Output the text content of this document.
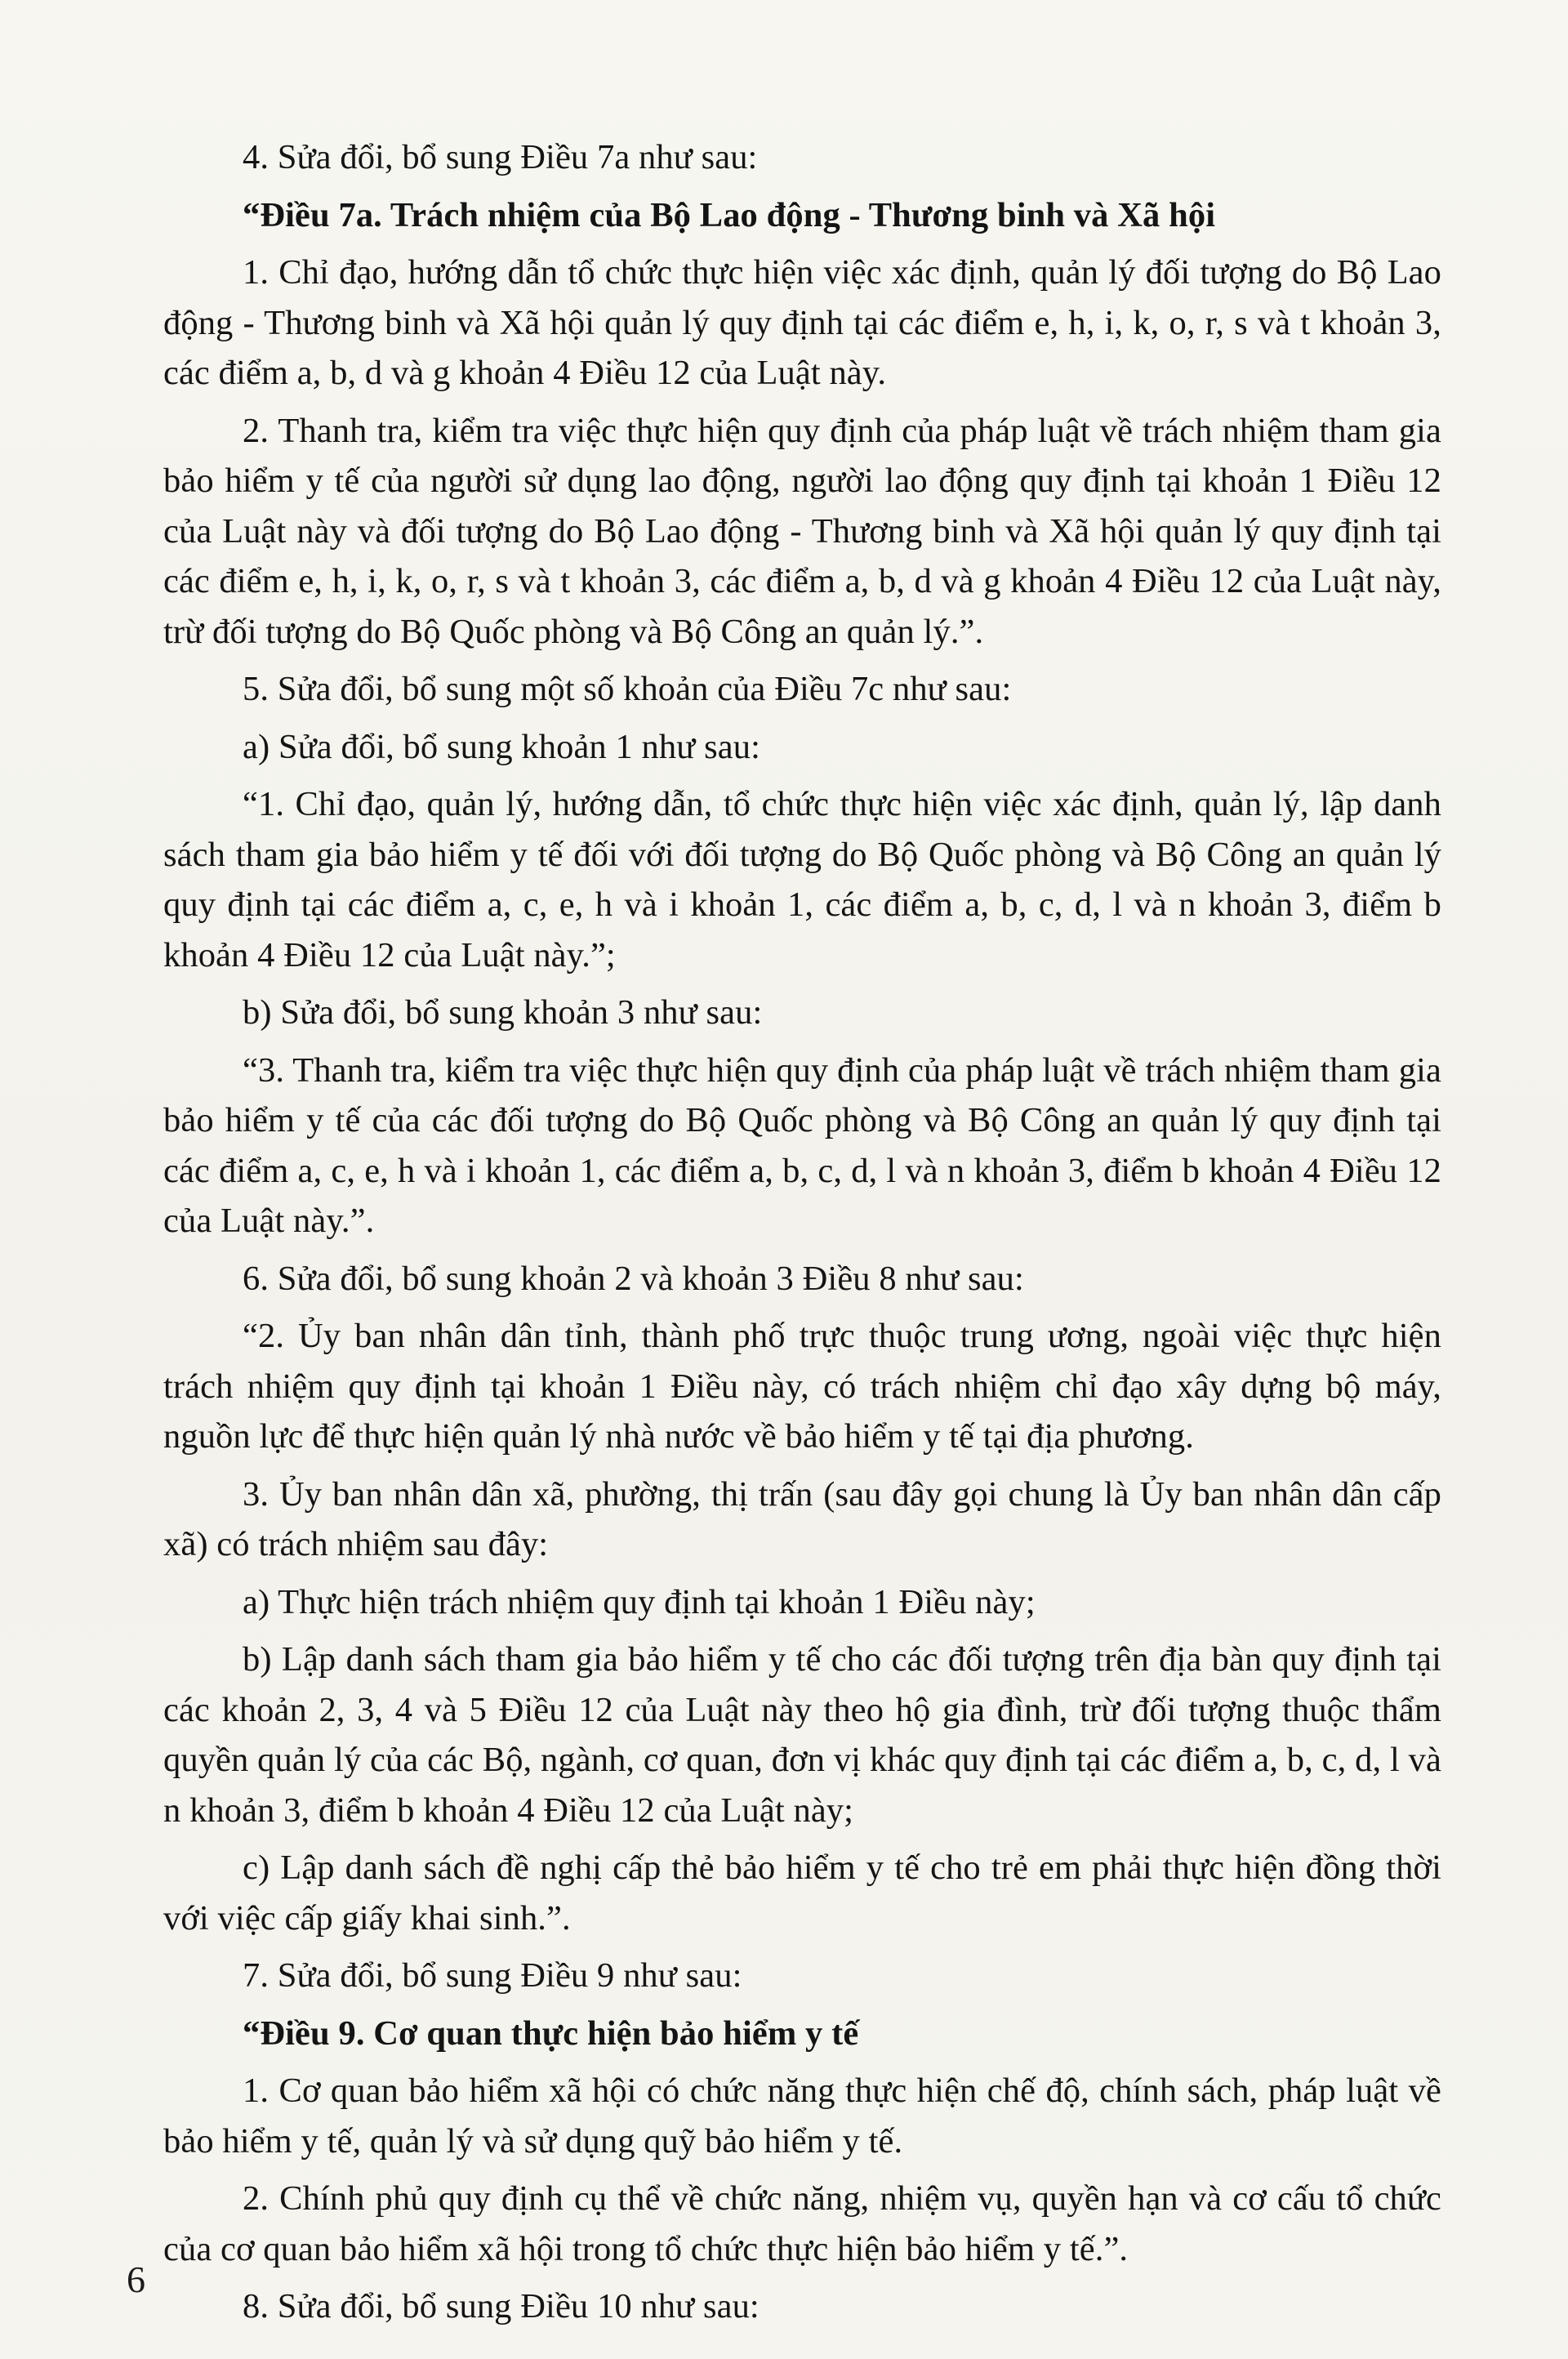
4. Sửa đổi, bổ sung Điều 7a như sau:

“Điều 7a. Trách nhiệm của Bộ Lao động - Thương binh và Xã hội

1. Chỉ đạo, hướng dẫn tổ chức thực hiện việc xác định, quản lý đối tượng do Bộ Lao động - Thương binh và Xã hội quản lý quy định tại các điểm e, h, i, k, o, r, s và t khoản 3, các điểm a, b, d và g khoản 4 Điều 12 của Luật này.

2. Thanh tra, kiểm tra việc thực hiện quy định của pháp luật về trách nhiệm tham gia bảo hiểm y tế của người sử dụng lao động, người lao động quy định tại khoản 1 Điều 12 của Luật này và đối tượng do Bộ Lao động - Thương binh và Xã hội quản lý quy định tại các điểm e, h, i, k, o, r, s và t khoản 3, các điểm a, b, d và g khoản 4 Điều 12 của Luật này, trừ đối tượng do Bộ Quốc phòng và Bộ Công an quản lý.”.

5. Sửa đổi, bổ sung một số khoản của Điều 7c như sau:

a) Sửa đổi, bổ sung khoản 1 như sau:

“1. Chỉ đạo, quản lý, hướng dẫn, tổ chức thực hiện việc xác định, quản lý, lập danh sách tham gia bảo hiểm y tế đối với đối tượng do Bộ Quốc phòng và Bộ Công an quản lý quy định tại các điểm a, c, e, h và i khoản 1, các điểm a, b, c, d, l và n khoản 3, điểm b khoản 4 Điều 12 của Luật này.”;

b) Sửa đổi, bổ sung khoản 3 như sau:

“3. Thanh tra, kiểm tra việc thực hiện quy định của pháp luật về trách nhiệm tham gia bảo hiểm y tế của các đối tượng do Bộ Quốc phòng và Bộ Công an quản lý quy định tại các điểm a, c, e, h và i khoản 1, các điểm a, b, c, d, l và n khoản 3, điểm b khoản 4 Điều 12 của Luật này.”.

6. Sửa đổi, bổ sung khoản 2 và khoản 3 Điều 8 như sau:

“2. Ủy ban nhân dân tỉnh, thành phố trực thuộc trung ương, ngoài việc thực hiện trách nhiệm quy định tại khoản 1 Điều này, có trách nhiệm chỉ đạo xây dựng bộ máy, nguồn lực để thực hiện quản lý nhà nước về bảo hiểm y tế tại địa phương.

3. Ủy ban nhân dân xã, phường, thị trấn (sau đây gọi chung là Ủy ban nhân dân cấp xã) có trách nhiệm sau đây:

a) Thực hiện trách nhiệm quy định tại khoản 1 Điều này;

b) Lập danh sách tham gia bảo hiểm y tế cho các đối tượng trên địa bàn quy định tại các khoản 2, 3, 4 và 5 Điều 12 của Luật này theo hộ gia đình, trừ đối tượng thuộc thẩm quyền quản lý của các Bộ, ngành, cơ quan, đơn vị khác quy định tại các điểm a, b, c, d, l và n khoản 3, điểm b khoản 4 Điều 12 của Luật này;

c) Lập danh sách đề nghị cấp thẻ bảo hiểm y tế cho trẻ em phải thực hiện đồng thời với việc cấp giấy khai sinh.”.

7. Sửa đổi, bổ sung Điều 9 như sau:

“Điều 9. Cơ quan thực hiện bảo hiểm y tế

1. Cơ quan bảo hiểm xã hội có chức năng thực hiện chế độ, chính sách, pháp luật về bảo hiểm y tế, quản lý và sử dụng quỹ bảo hiểm y tế.

2. Chính phủ quy định cụ thể về chức năng, nhiệm vụ, quyền hạn và cơ cấu tổ chức của cơ quan bảo hiểm xã hội trong tổ chức thực hiện bảo hiểm y tế.”.

8. Sửa đổi, bổ sung Điều 10 như sau:

6
